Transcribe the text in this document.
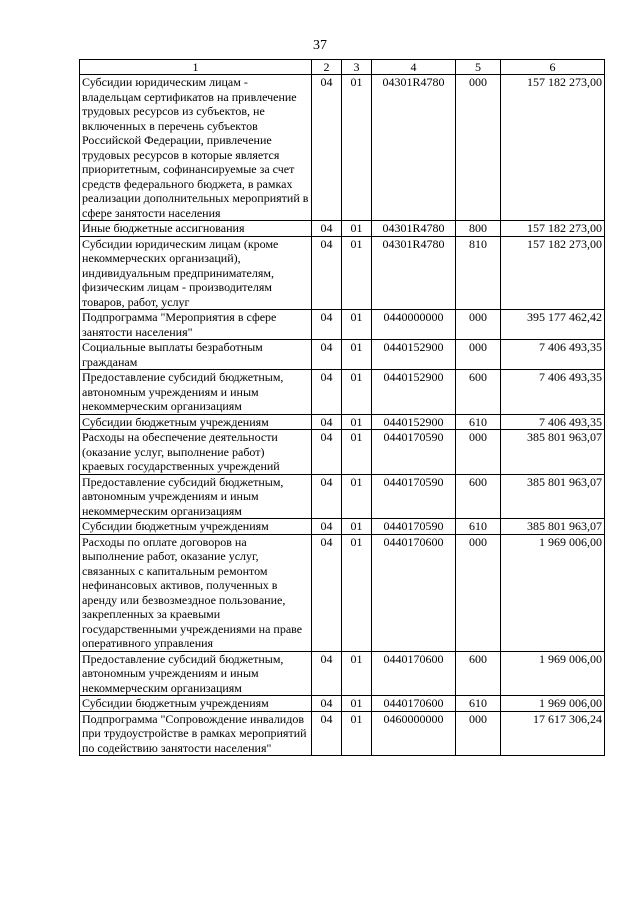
37
1	2	3	4	5	6
Субсидии юридическим лицам - владельцам сертификатов на привлечение трудовых ресурсов из субъектов, не включенных в перечень субъектов Российской Федерации, привлечение трудовых ресурсов в которые является приоритетным, софинансируемые за счет средств федерального бюджета, в рамках реализации дополнительных мероприятий в сфере занятости населения	04	01	04301R4780	000	157 182 273,00
Иные бюджетные ассигнования	04	01	04301R4780	800	157 182 273,00
Субсидии юридическим лицам (кроме некоммерческих организаций), индивидуальным предпринимателям, физическим лицам - производителям товаров, работ, услуг	04	01	04301R4780	810	157 182 273,00
Подпрограмма "Мероприятия в сфере занятости населения"	04	01	0440000000	000	395 177 462,42
Социальные выплаты безработным гражданам	04	01	0440152900	000	7 406 493,35
Предоставление субсидий бюджетным, автономным учреждениям и иным некоммерческим организациям	04	01	0440152900	600	7 406 493,35
Субсидии бюджетным учреждениям	04	01	0440152900	610	7 406 493,35
Расходы на обеспечение деятельности (оказание услуг, выполнение работ) краевых государственных учреждений	04	01	0440170590	000	385 801 963,07
Предоставление субсидий бюджетным, автономным учреждениям и иным некоммерческим организациям	04	01	0440170590	600	385 801 963,07
Субсидии бюджетным учреждениям	04	01	0440170590	610	385 801 963,07
Расходы по оплате договоров на выполнение работ, оказание услуг, связанных с капитальным ремонтом нефинансовых активов, полученных в аренду или безвозмездное пользование, закрепленных за краевыми государственными учреждениями на праве оперативного управления	04	01	0440170600	000	1 969 006,00
Предоставление субсидий бюджетным, автономным учреждениям и иным некоммерческим организациям	04	01	0440170600	600	1 969 006,00
Субсидии бюджетным учреждениям	04	01	0440170600	610	1 969 006,00
Подпрограмма "Сопровождение инвалидов при трудоустройстве в рамках мероприятий по содействию занятости населения"	04	01	0460000000	000	17 617 306,24
